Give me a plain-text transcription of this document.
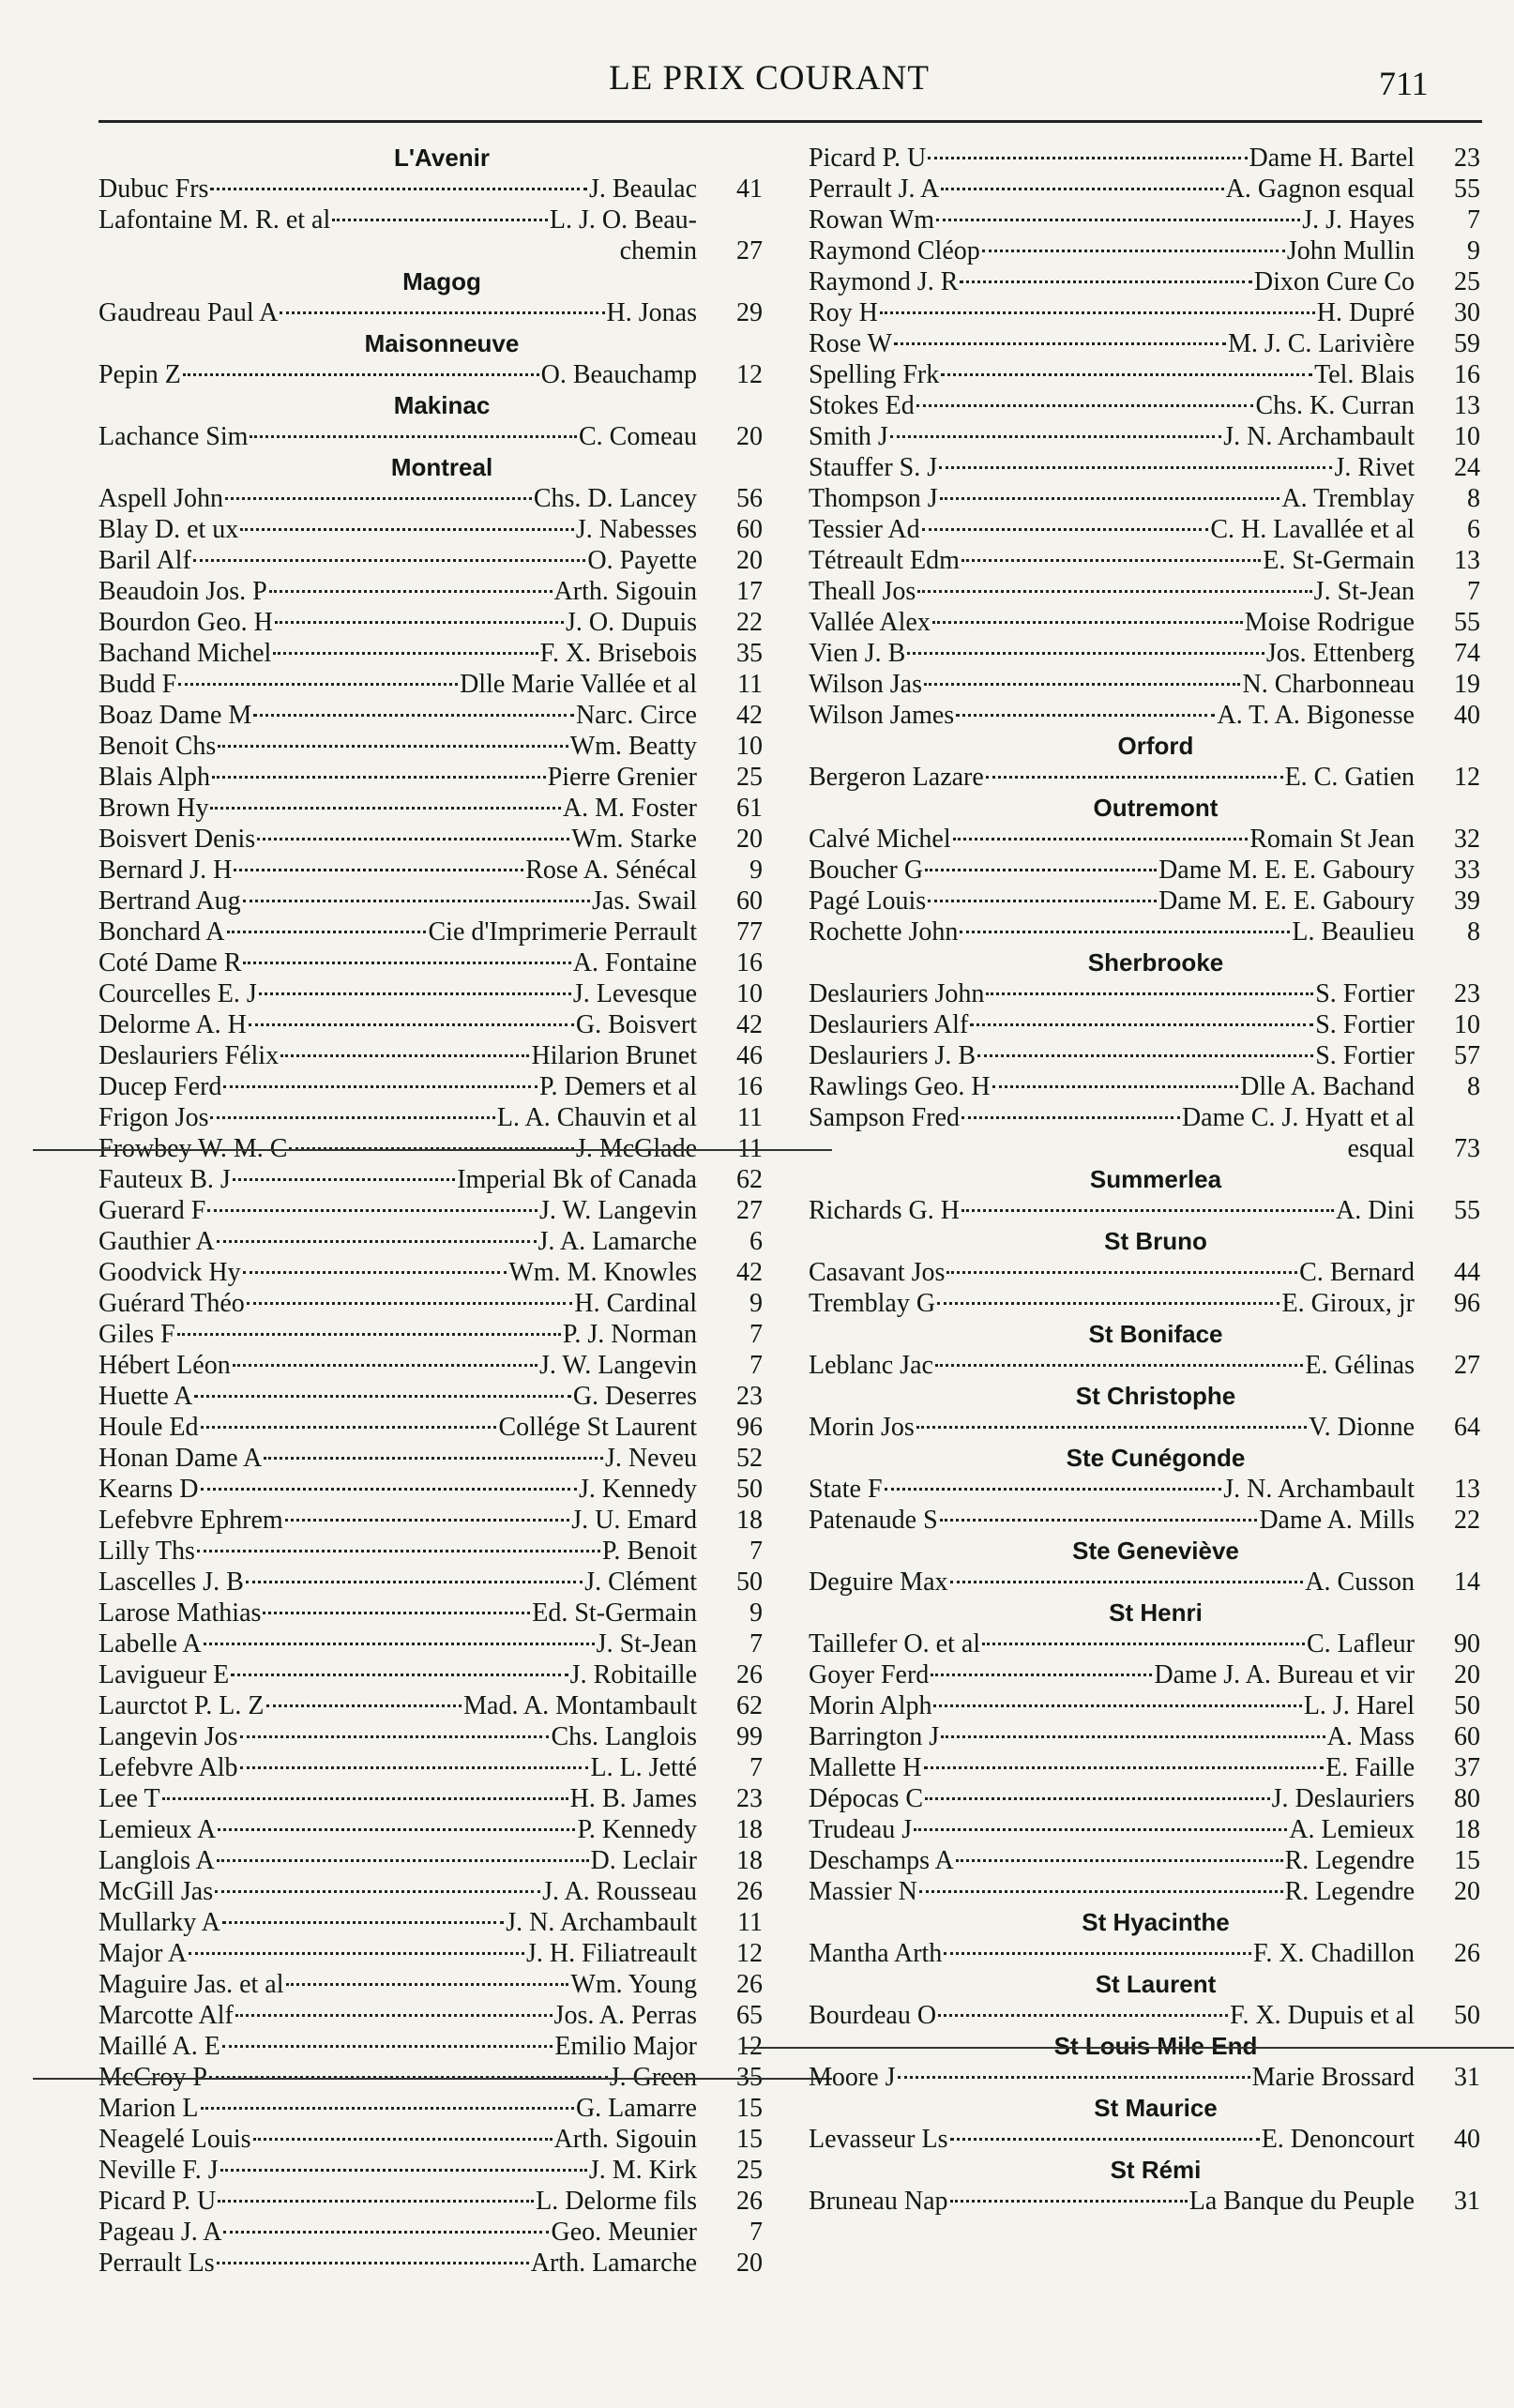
LE PRIX COURANT	711
L'Avenir
Dubuc Frs	J. Beaulac	41
Lafontaine M. R. et al	L. J. O. Beau-
chemin	27
Magog
Gaudreau Paul A	H. Jonas	29
Maisonneuve
Pepin Z	O. Beauchamp	12
Makinac
Lachance Sim	C. Comeau	20
Montreal
Aspell John	Chs. D. Lancey	56
Blay D. et ux	J. Nabesses	60
Baril Alf	O. Payette	20
Beaudoin Jos. P	Arth. Sigouin	17
Bourdon Geo. H	J. O. Dupuis	22
Bachand Michel	F. X. Brisebois	35
Budd F	Dlle Marie Vallée et al	11
Boaz Dame M	Narc. Circe	42
Benoit Chs	Wm. Beatty	10
Blais Alph	Pierre Grenier	25
Brown Hy	A. M. Foster	61
Boisvert Denis	Wm. Starke	20
Bernard J. H	Rose A. Sénécal	9
Bertrand Aug	Jas. Swail	60
Bonchard A	Cie d'Imprimerie Perrault	77
Coté Dame R	A. Fontaine	16
Courcelles E. J	J. Levesque	10
Delorme A. H	G. Boisvert	42
Deslauriers Félix	Hilarion Brunet	46
Ducep Ferd	P. Demers et al	16
Frigon Jos	L. A. Chauvin et al	11
Frowbey W. M. C	J. McGlade	11
Fauteux B. J	Imperial Bk of Canada	62
Guerard F	J. W. Langevin	27
Gauthier A	J. A. Lamarche	6
Goodvick Hy	Wm. M. Knowles	42
Guérard Théo	H. Cardinal	9
Giles F	P. J. Norman	7
Hébert Léon	J. W. Langevin	7
Huette A	G. Deserres	23
Houle Ed	Collége St Laurent	96
Honan Dame A	J. Neveu	52
Kearns D	J. Kennedy	50
Lefebvre Ephrem	J. U. Emard	18
Lilly Ths	P. Benoit	7
Lascelles J. B	J. Clément	50
Larose Mathias	Ed. St-Germain	9
Labelle A	J. St-Jean	7
Lavigueur E	J. Robitaille	26
Laurctot P. L. Z	Mad. A. Montambault	62
Langevin Jos	Chs. Langlois	99
Lefebvre Alb	L. L. Jetté	7
Lee T	H. B. James	23
Lemieux A	P. Kennedy	18
Langlois A	D. Leclair	18
McGill Jas	J. A. Rousseau	26
Mullarky A	J. N. Archambault	11
Major A	J. H. Filiatreault	12
Maguire Jas. et al	Wm. Young	26
Marcotte Alf	Jos. A. Perras	65
Maillé A. E	Emilio Major	12
McCroy P	J. Green	35
Marion L	G. Lamarre	15
Neagelé Louis	Arth. Sigouin	15
Neville F. J	J. M. Kirk	25
Picard P. U	L. Delorme fils	26
Pageau J. A	Geo. Meunier	7
Perrault Ls	Arth. Lamarche	20
Picard P. U	Dame H. Bartel	23
Perrault J. A	A. Gagnon esqual	55
Rowan Wm	J. J. Hayes	7
Raymond Cléop	John Mullin	9
Raymond J. R	Dixon Cure Co	25
Roy H	H. Dupré	30
Rose W	M. J. C. Larivière	59
Spelling Frk	Tel. Blais	16
Stokes Ed	Chs. K. Curran	13
Smith J	J. N. Archambault	10
Stauffer S. J	J. Rivet	24
Thompson J	A. Tremblay	8
Tessier Ad	C. H. Lavallée et al	6
Tétreault Edm	E. St-Germain	13
Theall Jos	J. St-Jean	7
Vallée Alex	Moise Rodrigue	55
Vien J. B	Jos. Ettenberg	74
Wilson Jas	N. Charbonneau	19
Wilson James	A. T. A. Bigonesse	40
Orford
Bergeron Lazare	E. C. Gatien	12
Outremont
Calvé Michel	Romain St Jean	32
Boucher G	Dame M. E. E. Gaboury	33
Pagé Louis	Dame M. E. E. Gaboury	39
Rochette John	L. Beaulieu	8
Sherbrooke
Deslauriers John	S. Fortier	23
Deslauriers Alf	S. Fortier	10
Deslauriers J. B	S. Fortier	57
Rawlings Geo. H	Dlle A. Bachand	8
Sampson Fred	Dame C. J. Hyatt et al
esqual	73
Summerlea
Richards G. H	A. Dini	55
St Bruno
Casavant Jos	C. Bernard	44
Tremblay G	E. Giroux, jr	96
St Boniface
Leblanc Jac	E. Gélinas	27
St Christophe
Morin Jos	V. Dionne	64
Ste Cunégonde
State F	J. N. Archambault	13
Patenaude S	Dame A. Mills	22
Ste Geneviève
Deguire Max	A. Cusson	14
St Henri
Taillefer O. et al	C. Lafleur	90
Goyer Ferd	Dame J. A. Bureau et vir	20
Morin Alph	L. J. Harel	50
Barrington J	A. Mass	60
Mallette H	E. Faille	37
Dépocas C	J. Deslauriers	80
Trudeau J	A. Lemieux	18
Deschamps A	R. Legendre	15
Massier N	R. Legendre	20
St Hyacinthe
Mantha Arth	F. X. Chadillon	26
St Laurent
Bourdeau O	F. X. Dupuis et al	50
St Louis Mile End
Moore J	Marie Brossard	31
St Maurice
Levasseur Ls	E. Denoncourt	40
St Rémi
Bruneau Nap	La Banque du Peuple	31
